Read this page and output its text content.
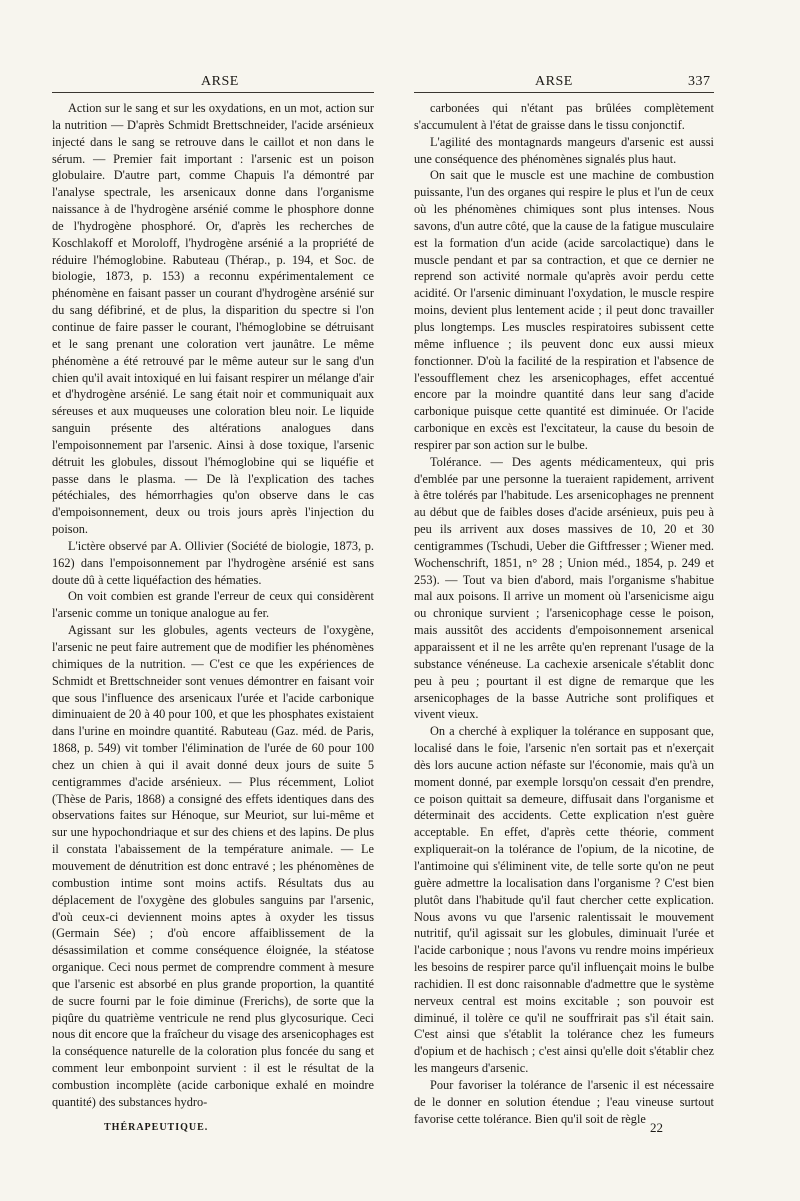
ARSE	ARSE	337

Action sur le sang et sur les oxydations, en un mot, action sur la nutrition — D'après Schmidt Brettschneider, l'acide arsénieux injecté dans le sang se retrouve dans le caillot et non dans le sérum. — Premier fait important : l'arsenic est un poison globulaire. D'autre part, comme Chapuis l'a démontré par l'analyse spectrale, les arsenicaux donne dans l'organisme naissance à de l'hydrogène arsénié comme le phosphore donne de l'hydrogène phosphoré. Or, d'après les recherches de Koschlakoff et Moroloff, l'hydrogène arsénié a la propriété de réduire l'hémoglobine. Rabuteau (Thérap., p. 194, et Soc. de biologie, 1873, p. 153) a reconnu expérimentalement ce phénomène en faisant passer un courant d'hydrogène arsénié sur du sang défibriné, et de plus, la disparition du spectre si l'on continue de faire passer le courant, l'hémoglobine se détruisant et le sang prenant une coloration vert jaunâtre. Le même phénomène a été retrouvé par le même auteur sur le sang d'un chien qu'il avait intoxiqué en lui faisant respirer un mélange d'air et d'hydrogène arsénié. Le sang était noir et communiquait aux séreuses et aux muqueuses une coloration bleu noir. Le liquide sanguin présente des altérations analogues dans l'empoisonnement par l'arsenic. Ainsi à dose toxique, l'arsenic détruit les globules, dissout l'hémoglobine qui se liquéfie et passe dans le plasma. — De là l'explication des taches pétéchiales, des hémorrhagies qu'on observe dans le cas d'empoisonnement, deux ou trois jours après l'injection du poison.

L'ictère observé par A. Ollivier (Société de biologie, 1873, p. 162) dans l'empoisonnement par l'hydrogène arsénié est sans doute dû à cette liquéfaction des hématies.

On voit combien est grande l'erreur de ceux qui considèrent l'arsenic comme un tonique analogue au fer.

Agissant sur les globules, agents vecteurs de l'oxygène, l'arsenic ne peut faire autrement que de modifier les phénomènes chimiques de la nutrition. — C'est ce que les expériences de Schmidt et Brettschneider sont venues démontrer en faisant voir que sous l'influence des arsenicaux l'urée et l'acide carbonique diminuaient de 20 à 40 pour 100, et que les phosphates existaient dans l'urine en moindre quantité. Rabuteau (Gaz. méd. de Paris, 1868, p. 549) vit tomber l'élimination de l'urée de 60 pour 100 chez un chien à qui il avait donné deux jours de suite 5 centigrammes d'acide arsénieux. — Plus récemment, Loliot (Thèse de Paris, 1868) a consigné des effets identiques dans des observations faites sur Hénoque, sur Meuriot, sur lui-même et sur une hypochondriaque et sur des chiens et des lapins. De plus il constata l'abaissement de la température animale. — Le mouvement de dénutrition est donc entravé ; les phénomènes de combustion intime sont moins actifs. Résultats dus au déplacement de l'oxygène des globules sanguins par l'arsenic, d'où ceux-ci deviennent moins aptes à oxyder les tissus (Germain Sée) ; d'où encore affaiblissement de la désassimilation et comme conséquence éloignée, la stéatose organique. Ceci nous permet de comprendre comment à mesure que l'arsenic est absorbé en plus grande proportion, la quantité de sucre fourni par le foie diminue (Frerichs), de sorte que la piqûre du quatrième ventricule ne rend plus glycosurique. Ceci nous dit encore que la fraîcheur du visage des arsenicophages est la conséquence naturelle de la coloration plus foncée du sang et comment leur embonpoint survient : il est le résultat de la combustion incomplète (acide carbonique exhalé en moindre quantité) des substances hydro-

carbonées qui n'étant pas brûlées complètement s'accumulent à l'état de graisse dans le tissu conjonctif.

L'agilité des montagnards mangeurs d'arsenic est aussi une conséquence des phénomènes signalés plus haut.

On sait que le muscle est une machine de combustion puissante, l'un des organes qui respire le plus et l'un de ceux où les phénomènes chimiques sont plus intenses. Nous savons, d'un autre côté, que la cause de la fatigue musculaire est la formation d'un acide (acide sarcolactique) dans le muscle pendant et par sa contraction, et que ce dernier ne reprend son activité normale qu'après avoir perdu cette acidité. Or l'arsenic diminuant l'oxydation, le muscle respire moins, devient plus lentement acide ; il peut donc travailler plus longtemps. Les muscles respiratoires subissent cette même influence ; ils peuvent donc eux aussi mieux fonctionner. D'où la facilité de la respiration et l'absence de l'essoufflement chez les arsenicophages, effet accentué encore par la moindre quantité dans leur sang d'acide carbonique puisque cette quantité est diminuée. Or l'acide carbonique en excès est l'excitateur, la cause du besoin de respirer par son action sur le bulbe.

Tolérance. — Des agents médicamenteux, qui pris d'emblée par une personne la tueraient rapidement, arrivent à être tolérés par l'habitude. Les arsenicophages ne prennent au début que de faibles doses d'acide arsénieux, puis peu à peu ils arrivent aux doses massives de 10, 20 et 30 centigrammes (Tschudi, Ueber die Giftfresser ; Wiener med. Wochenschrift, 1851, n° 28 ; Union méd., 1854, p. 249 et 253). — Tout va bien d'abord, mais l'organisme s'habitue mal aux poisons. Il arrive un moment où l'arsenicisme aigu ou chronique survient ; l'arsenicophage cesse le poison, mais aussitôt des accidents d'empoisonnement arsenical apparaissent et il ne les arrête qu'en reprenant l'usage de la substance vénéneuse. La cachexie arsenicale s'établit donc peu à peu ; pourtant il est digne de remarque que les arsenicophages de la basse Autriche sont prolifiques et vivent vieux.

On a cherché à expliquer la tolérance en supposant que, localisé dans le foie, l'arsenic n'en sortait pas et n'exerçait dès lors aucune action néfaste sur l'économie, mais qu'à un moment donné, par exemple lorsqu'on cessait d'en prendre, ce poison quittait sa demeure, diffusait dans l'organisme et déterminait des accidents. Cette explication n'est guère acceptable. En effet, d'après cette théorie, comment expliquerait-on la tolérance de l'opium, de la nicotine, de l'antimoine qui s'éliminent vite, de telle sorte qu'on ne peut guère admettre la localisation dans l'organisme ? C'est bien plutôt dans l'habitude qu'il faut chercher cette explication. Nous avons vu que l'arsenic ralentissait le mouvement nutritif, qu'il agissait sur les globules, diminuait l'urée et l'acide carbonique ; nous l'avons vu rendre moins impérieux les besoins de respirer parce qu'il influençait moins le bulbe rachidien. Il est donc raisonnable d'admettre que le système nerveux central est moins excitable ; son pouvoir est diminué, il tolère ce qu'il ne souffrirait pas s'il était sain. C'est ainsi que s'établit la tolérance chez les fumeurs d'opium et de hachisch ; c'est ainsi qu'elle doit s'établir chez les mangeurs d'arsenic.

Pour favoriser la tolérance de l'arsenic il est nécessaire de le donner en solution étendue ; l'eau vineuse surtout favorise cette tolérance. Bien qu'il soit de règle

THÉRAPEUTIQUE.	22
